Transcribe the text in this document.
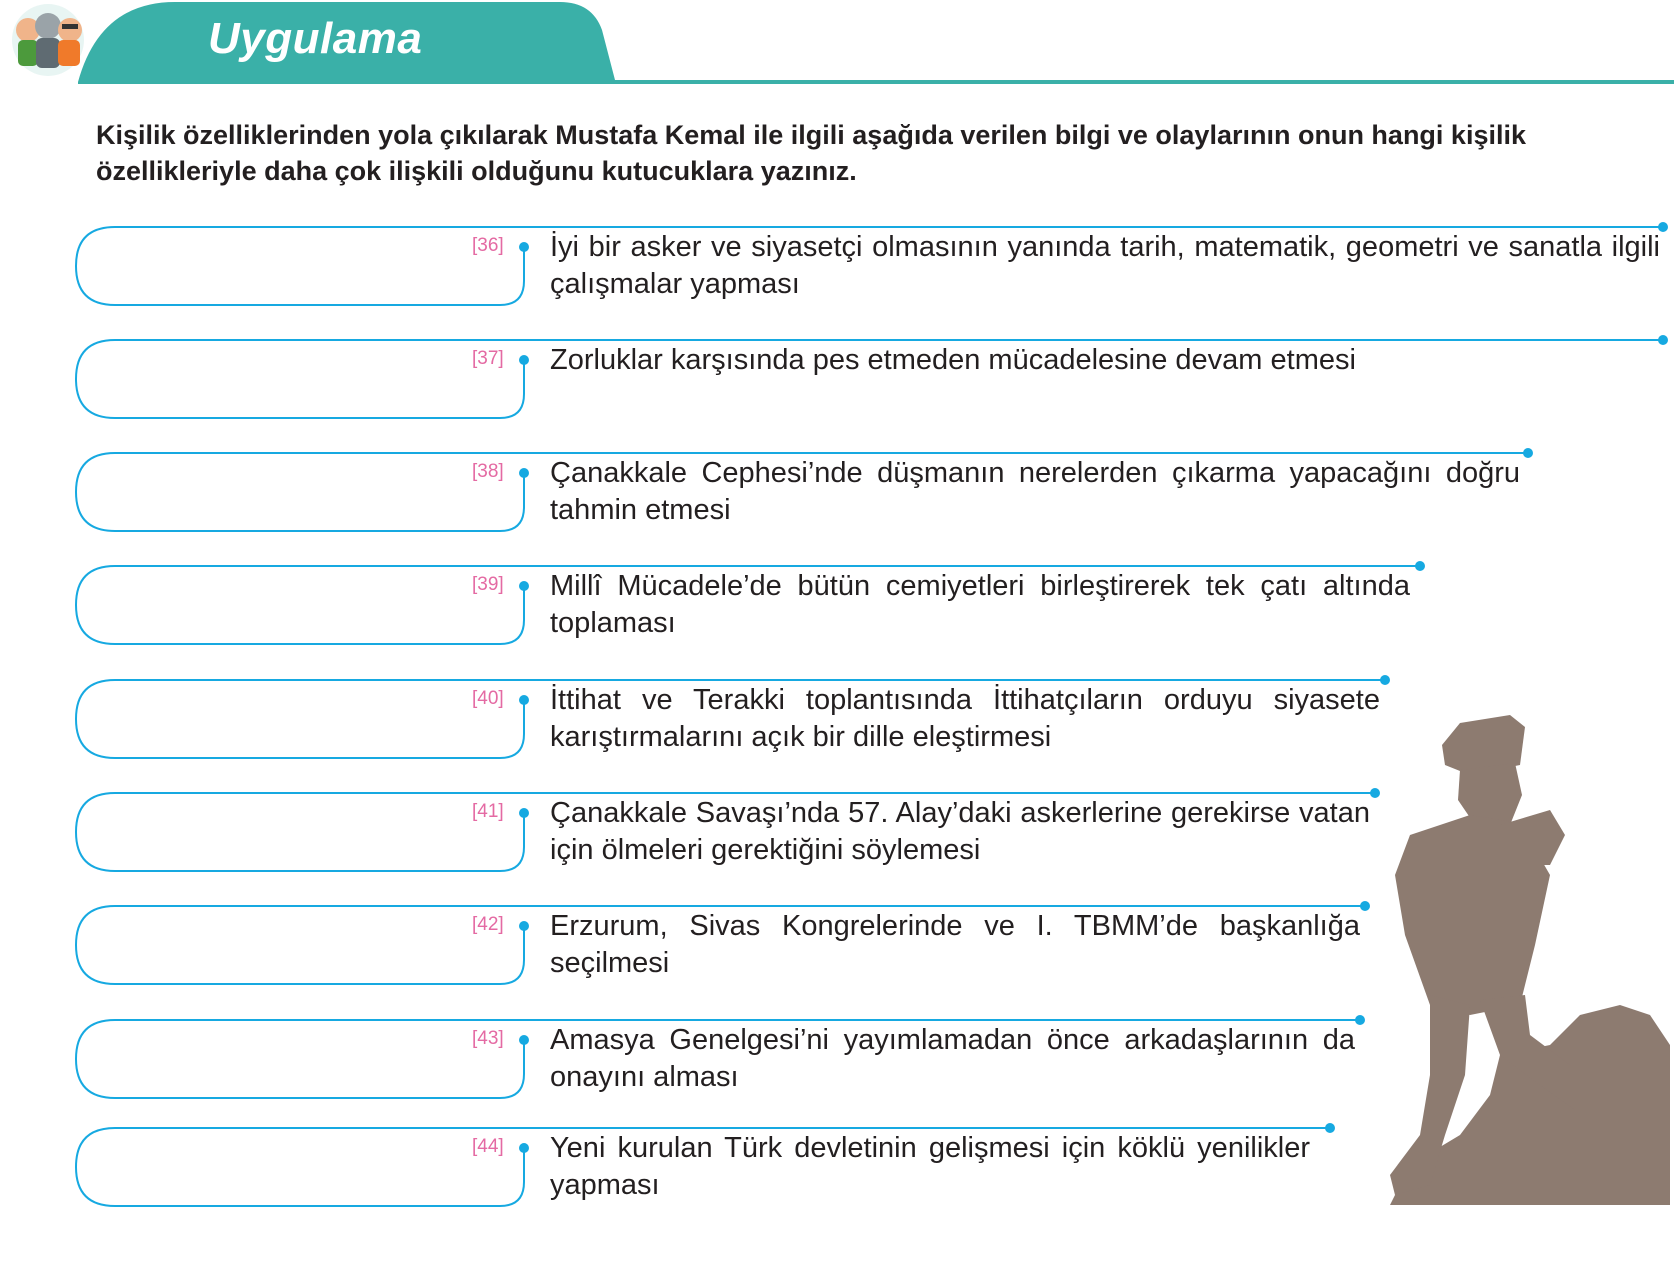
Uygulama
Kişilik özelliklerinden yola çıkılarak Mustafa Kemal ile ilgili aşağıda verilen bilgi ve olaylarının onun hangi kişilik özellikleriyle daha çok ilişkili olduğunu kutucuklara yazınız.
[36] İyi bir asker ve siyasetçi olmasının yanında tarih, matematik, geometri ve sanatla ilgili çalışmalar yapması
[37] Zorluklar karşısında pes etmeden mücadelesine devam etmesi
[38] Çanakkale Cephesi’nde düşmanın nerelerden çıkarma yapacağını doğru tahmin etmesi
[39] Millî Mücadele’de bütün cemiyetleri birleştirerek tek çatı altında toplaması
[40] İttihat ve Terakki toplantısında İttihatçıların orduyu siyasete karıştırmalarını açık bir dille eleştirmesi
[41] Çanakkale Savaşı’nda 57. Alay’daki askerlerine gerekirse vatan için ölmeleri gerektiğini söylemesi
[42] Erzurum, Sivas Kongrelerinde ve I. TBMM’de başkanlığa seçilmesi
[43] Amasya Genelgesi’ni yayımlamadan önce arkadaşlarının da onayını alması
[44] Yeni kurulan Türk devletinin gelişmesi için köklü yenilikler yapması
